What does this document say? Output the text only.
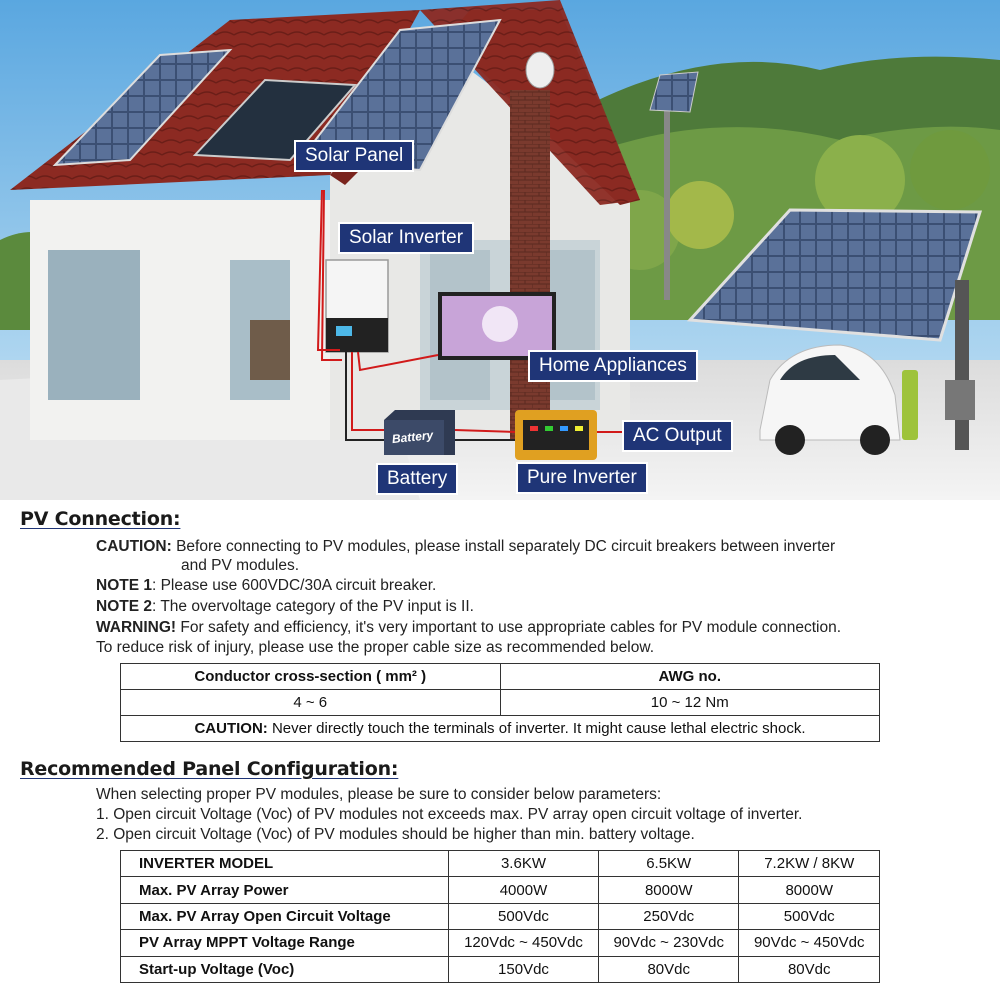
Battery
Solar Panel
Solar Inverter
Home Appliances
AC Output
Battery	Pure Inverter
PV Connection:
CAUTION: Before connecting to PV modules, please install separately DC circuit breakers between inverter
and PV modules.
NOTE 1: Please use 600VDC/30A circuit breaker.
NOTE 2: The overvoltage category of the PV input is II.
WARNING! For safety and efficiency, it's very important to use appropriate cables for PV module connection.
To reduce risk of injury, please use the proper cable size as recommended below.
Conductor cross-section ( mm² )	AWG no.
4 ~ 6	10 ~ 12 Nm
CAUTION: Never directly touch the terminals of inverter. It might cause lethal electric shock.	
Recommended Panel Configuration:
When selecting proper PV modules, please be sure to consider below parameters:
1. Open circuit Voltage (Voc) of PV modules not exceeds max. PV array open circuit voltage of inverter.
2. Open circuit Voltage (Voc) of PV modules should be higher than min. battery voltage.
INVERTER MODEL	3.6KW	6.5KW	7.2KW / 8KW
Max. PV Array Power	4000W	8000W	8000W
Max. PV Array Open Circuit Voltage	500Vdc	250Vdc	500Vdc
PV Array MPPT Voltage Range	120Vdc ~ 450Vdc	90Vdc ~ 230Vdc	90Vdc ~ 450Vdc
Start-up Voltage (Voc)	150Vdc	80Vdc	80Vdc
